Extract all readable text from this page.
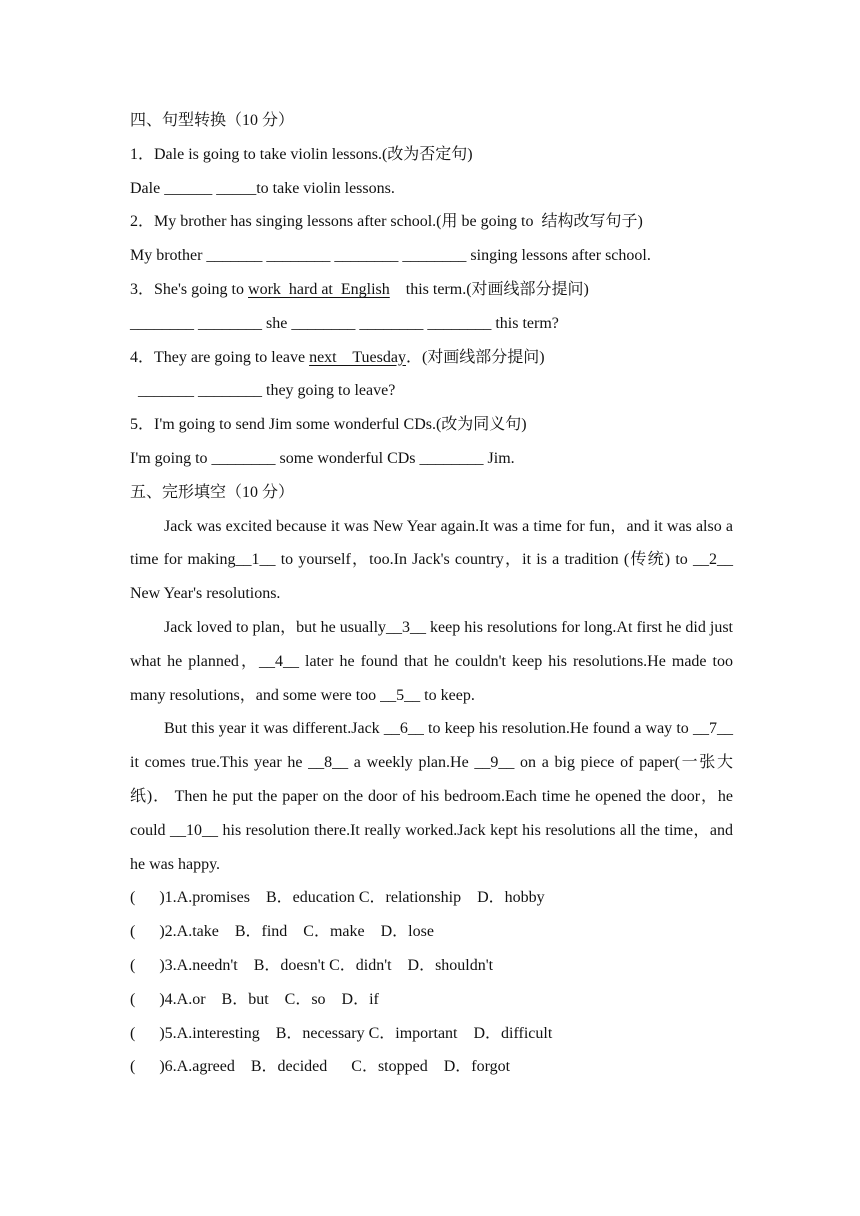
四、句型转换（10 分）
1．Dale is going to take violin lessons.(改为否定句)
Dale ______ _____to take violin lessons.
2．My brother has singing lessons after school.(用 be going to  结构改写句子)
My brother _______ ________ ________ ________ singing lessons after school.
3．She's going to work  hard at  English    this term.(对画线部分提问)
________ ________ she ________ ________ ________ this term?
4．They are going to leave next    Tuesday．(对画线部分提问)
_______ ________ they going to leave?
5．I'm going to send Jim some wonderful CDs.(改为同义句)
I'm going to ________ some wonderful CDs ________ Jim.
五、完形填空（10 分）
Jack was excited because it was New Year again.It was a time for fun，and it was also a time for making__1__ to yourself，too.In Jack's country，it is a tradition (传统) to __2__ New Year's resolutions.
Jack loved to plan，but he usually__3__ keep his resolutions for long.At first he did just what he planned，__4__ later he found that he couldn't keep his resolutions.He made too many resolutions，and some were too __5__ to keep.
But this year it was different.Jack __6__ to keep his resolution.He found a way to __7__ it comes true.This year he __8__ a weekly plan.He __9__ on a big piece of paper(一张大纸)． Then he put the paper on the door of his bedroom.Each time he opened the door，he could __10__ his resolution there.It really worked.Jack kept his resolutions all the time，and he was happy.
(      )1.A.promises    B．education C．relationship    D．hobby
(      )2.A.take    B．find    C．make    D．lose
(      )3.A.needn't    B．doesn't C．didn't    D．shouldn't
(      )4.A.or    B．but    C．so    D．if
(      )5.A.interesting    B．necessary C．important    D．difficult
(      )6.A.agreed    B．decided      C．stopped    D．forgot
